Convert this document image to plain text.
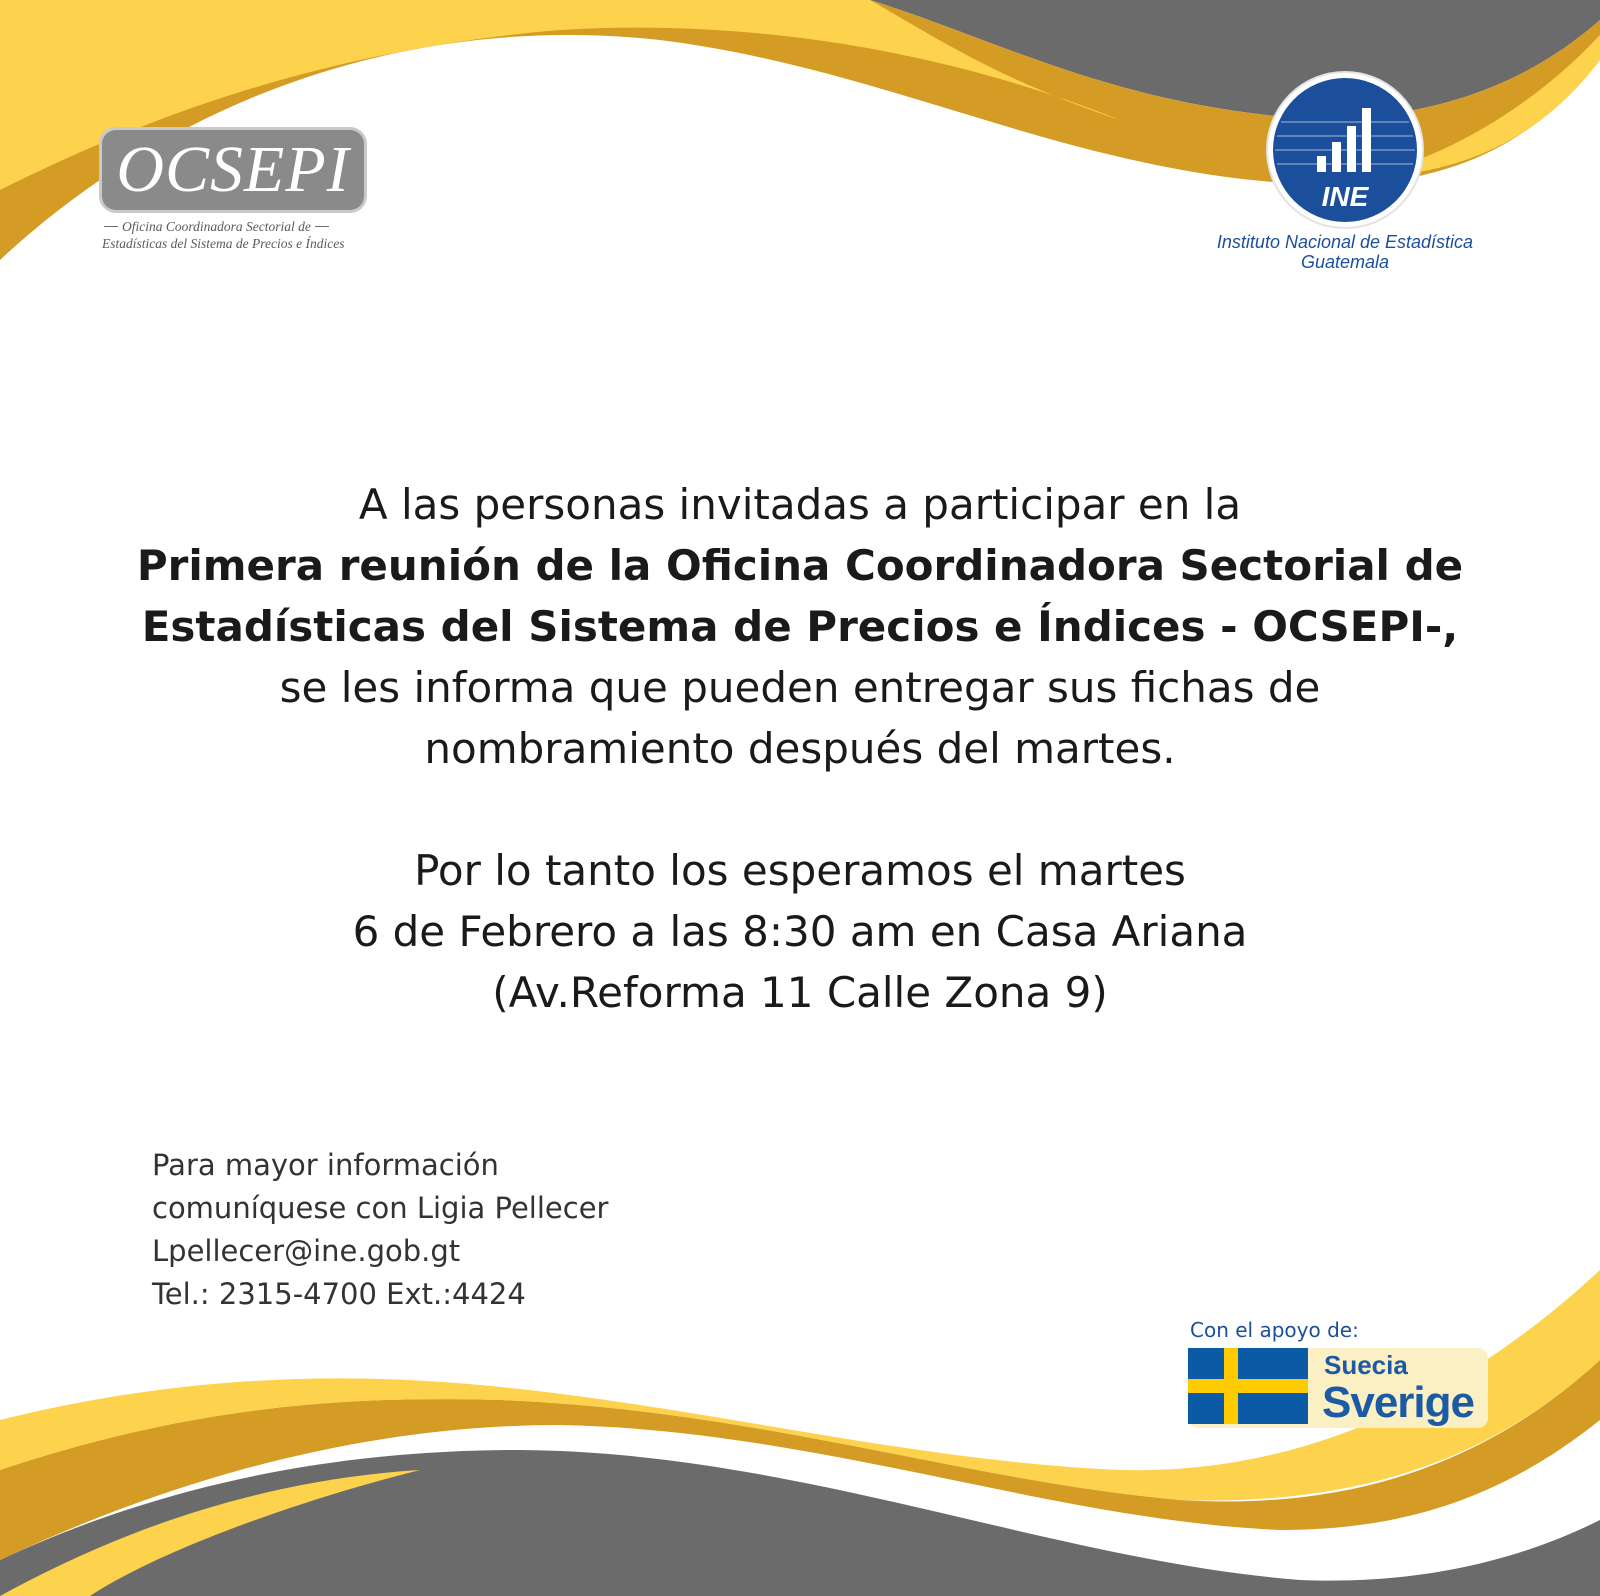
OCSEPI
Oficina Coordinadora Sectorial de
Estadísticas del Sistema de Precios e Índices
INE
Instituto Nacional de Estadística
Guatemala
A las personas invitadas a participar en la
Primera reunión de la Oficina Coordinadora Sectorial de
Estadísticas del Sistema de Precios e Índices - OCSEPI-,
se les informa que pueden entregar sus fichas de
nombramiento después del martes.
Por lo tanto los esperamos el martes
6 de Febrero a las 8:30 am en Casa Ariana
(Av.Reforma 11 Calle Zona 9)
Para mayor información
comuníquese con Ligia Pellecer
Lpellecer@ine.gob.gt
Tel.: 2315-4700 Ext.:4424
Con el apoyo de:
Suecia
Sverige
